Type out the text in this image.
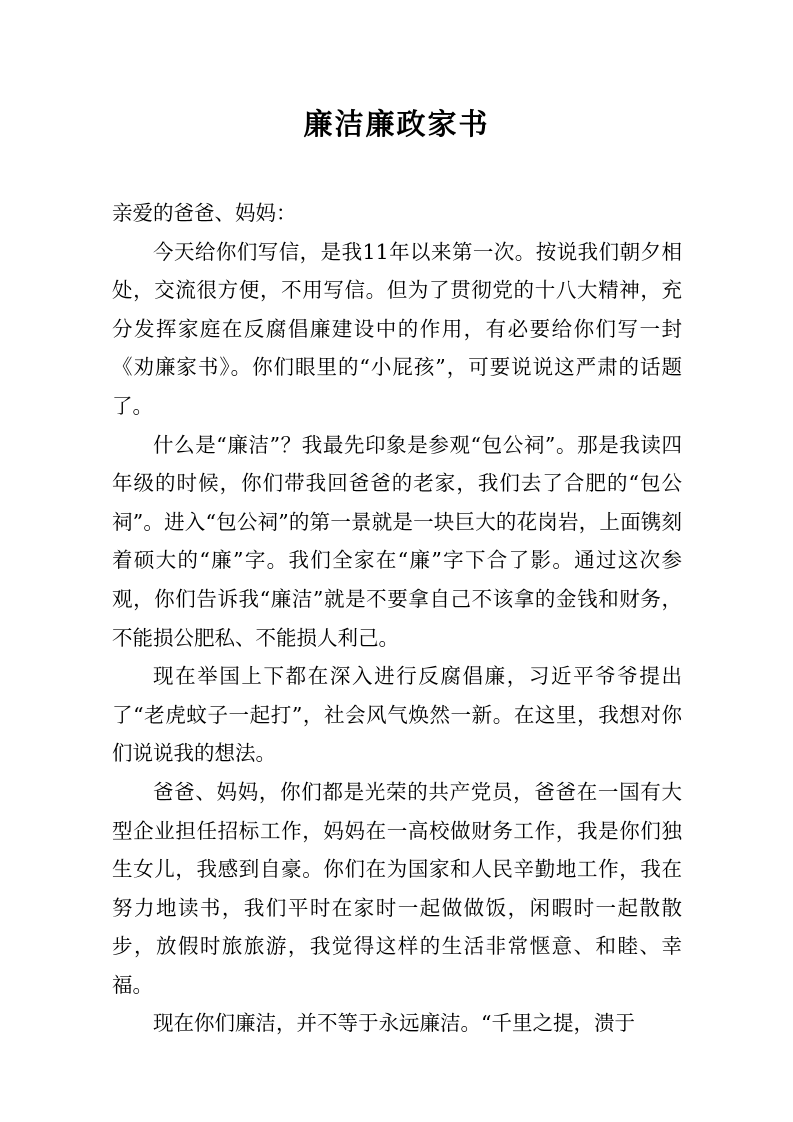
廉洁廉政家书

亲爱的爸爸、妈妈：

今天给你们写信，是我11年以来第一次。按说我们朝夕相处，交流很方便，不用写信。但为了贯彻党的十八大精神，充分发挥家庭在反腐倡廉建设中的作用，有必要给你们写一封《劝廉家书》。你们眼里的“小屁孩”，可要说说这严肃的话题了。

什么是“廉洁”？我最先印象是参观“包公祠”。那是我读四年级的时候，你们带我回爸爸的老家，我们去了合肥的“包公祠”。进入“包公祠”的第一景就是一块巨大的花岗岩，上面镌刻着硕大的“廉”字。我们全家在“廉”字下合了影。通过这次参观，你们告诉我“廉洁”就是不要拿自己不该拿的金钱和财务，不能损公肥私、不能损人利己。

现在举国上下都在深入进行反腐倡廉，习近平爷爷提出了“老虎蚊子一起打”，社会风气焕然一新。在这里，我想对你们说说我的想法。

爸爸、妈妈，你们都是光荣的共产党员，爸爸在一国有大型企业担任招标工作，妈妈在一高校做财务工作，我是你们独生女儿，我感到自豪。你们在为国家和人民辛勤地工作，我在努力地读书，我们平时在家时一起做做饭，闲暇时一起散散步，放假时旅旅游，我觉得这样的生活非常惬意、和睦、幸福。

现在你们廉洁，并不等于永远廉洁。“千里之提，溃于
